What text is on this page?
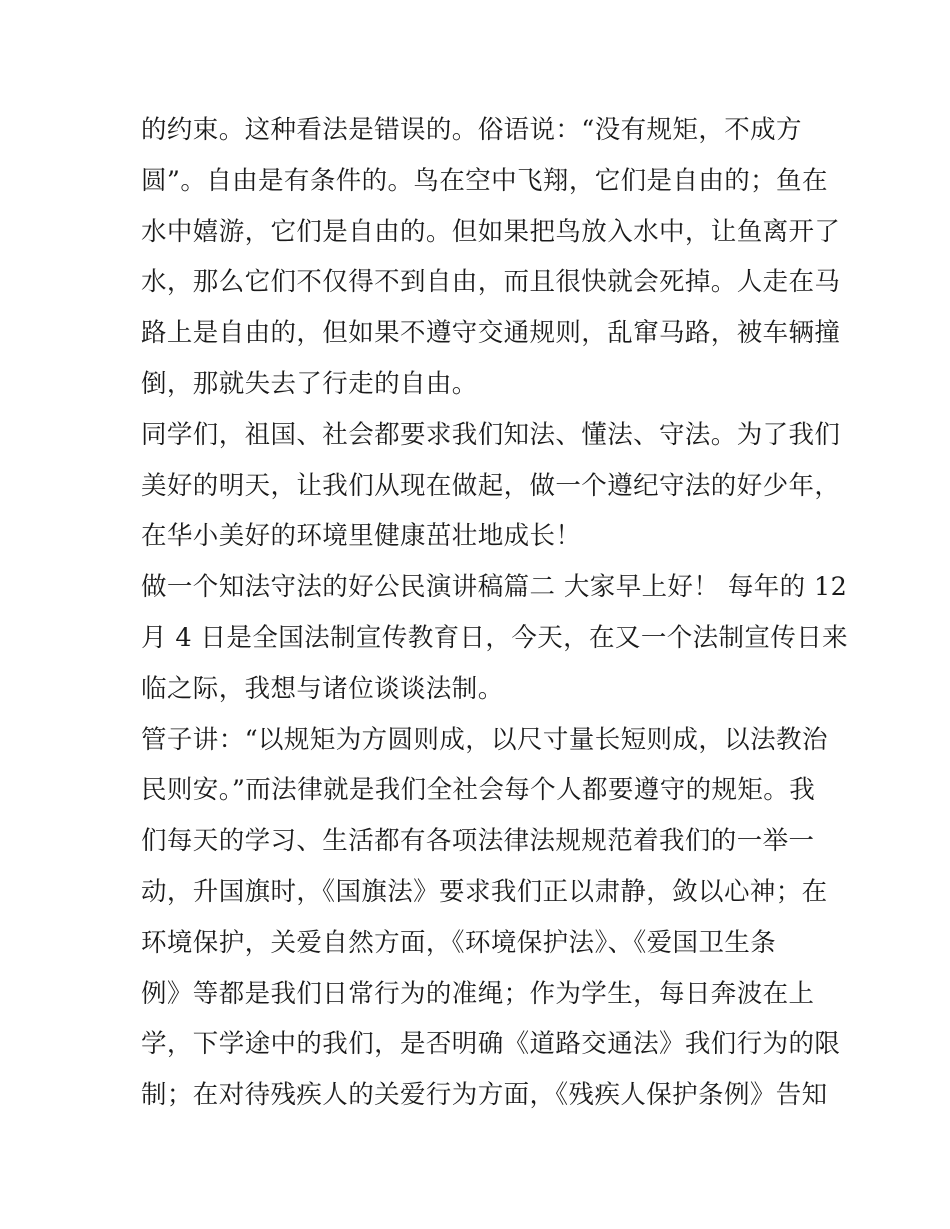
的约束。这种看法是错误的。俗语说：“没有规矩，不成方
圆”。自由是有条件的。鸟在空中飞翔，它们是自由的；鱼在
水中嬉游，它们是自由的。但如果把鸟放入水中，让鱼离开了
水，那么它们不仅得不到自由，而且很快就会死掉。人走在马
路上是自由的，但如果不遵守交通规则，乱窜马路，被车辆撞
倒，那就失去了行走的自由。
同学们，祖国、社会都要求我们知法、懂法、守法。为了我们
美好的明天，让我们从现在做起，做一个遵纪守法的好少年，
在华小美好的环境里健康茁壮地成长！
做一个知法守法的好公民演讲稿篇二 大家早上好！ 每年的 12
月 4 日是全国法制宣传教育日，今天，在又一个法制宣传日来
临之际，我想与诸位谈谈法制。
管子讲：“以规矩为方圆则成，以尺寸量长短则成，以法教治
民则安。”而法律就是我们全社会每个人都要遵守的规矩。我
们每天的学习、生活都有各项法律法规规范着我们的一举一
动，升国旗时，《国旗法》要求我们正以肃静，敛以心神；在
环境保护，关爱自然方面，《环境保护法》、《爱国卫生条
例》等都是我们日常行为的准绳；作为学生，每日奔波在上
学，下学途中的我们，是否明确《道路交通法》我们行为的限
制；在对待残疾人的关爱行为方面，《残疾人保护条例》告知
